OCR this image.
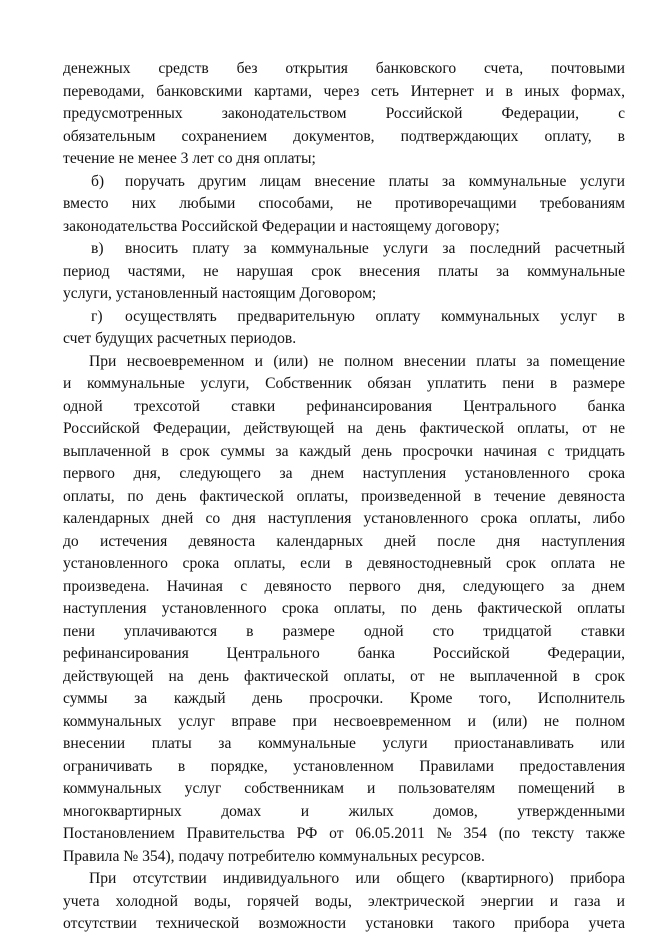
денежных средств без открытия банковского счета, почтовыми
переводами, банковскими картами, через сеть Интернет и в иных формах,
предусмотренных законодательством Российской Федерации, с
обязательным сохранением документов, подтверждающих оплату, в
течение не менее 3 лет со дня оплаты;
б) поручать другим лицам внесение платы за коммунальные услуги
вместо них любыми способами, не противоречащими требованиям
законодательства Российской Федерации и настоящему договору;
в) вносить плату за коммунальные услуги за последний расчетный
период частями, не нарушая срок внесения платы за коммунальные
услуги, установленный настоящим Договором;
г) осуществлять предварительную оплату коммунальных услуг в
счет будущих расчетных периодов.
При несвоевременном и (или) не полном внесении платы за помещение
и коммунальные услуги, Собственник обязан уплатить пени в размере
одной трехсотой ставки рефинансирования Центрального банка
Российской Федерации, действующей на день фактической оплаты, от не
выплаченной в срок суммы за каждый день просрочки начиная с тридцать
первого дня, следующего за днем наступления установленного срока
оплаты, по день фактической оплаты, произведенной в течение девяноста
календарных дней со дня наступления установленного срока оплаты, либо
до истечения девяноста календарных дней после дня наступления
установленного срока оплаты, если в девяностодневный срок оплата не
произведена. Начиная с девяносто первого дня, следующего за днем
наступления установленного срока оплаты, по день фактической оплаты
пени уплачиваются в размере одной сто тридцатой ставки
рефинансирования Центрального банка Российской Федерации,
действующей на день фактической оплаты, от не выплаченной в срок
суммы за каждый день просрочки. Кроме того, Исполнитель
коммунальных услуг вправе при несвоевременном и (или) не полном
внесении платы за коммунальные услуги приостанавливать или
ограничивать в порядке, установленном Правилами предоставления
коммунальных услуг собственникам и пользователям помещений в
многоквартирных домах и жилых домов, утвержденными
Постановлением Правительства РФ от 06.05.2011 № 354 (по тексту также
Правила № 354), подачу потребителю коммунальных ресурсов.
При отсутствии индивидуального или общего (квартирного) прибора
учета холодной воды, горячей воды, электрической энергии и газа и
отсутствии технической возможности установки такого прибора учета
